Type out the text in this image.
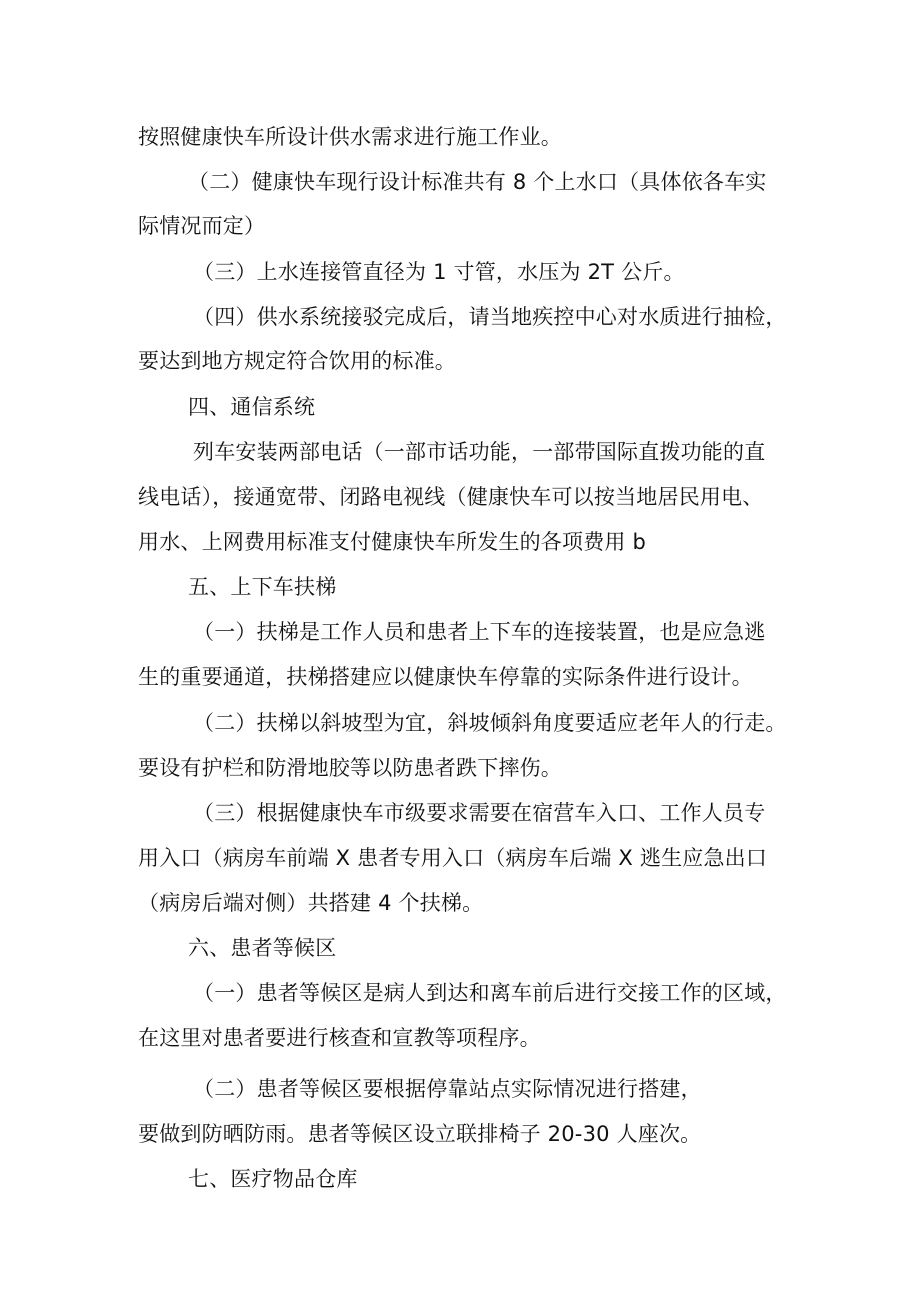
按照健康快车所设计供水需求进行施工作业。
（二）健康快车现行设计标准共有 8 个上水口（具体依各车实
际情况而定）
（三）上水连接管直径为 1 寸管，水压为 2T 公斤。
（四）供水系统接驳完成后，请当地疾控中心对水质进行抽检，
要达到地方规定符合饮用的标准。
四、通信系统
列车安装两部电话（一部市话功能，一部带国际直拨功能的直
线电话），接通宽带、闭路电视线（健康快车可以按当地居民用电、
用水、上网费用标准支付健康快车所发生的各项费用 b
五、上下车扶梯
（一）扶梯是工作人员和患者上下车的连接装置，也是应急逃
生的重要通道，扶梯搭建应以健康快车停靠的实际条件进行设计。
（二）扶梯以斜坡型为宜，斜坡倾斜角度要适应老年人的行走。
要设有护栏和防滑地胶等以防患者跌下摔伤。
（三）根据健康快车市级要求需要在宿营车入口、工作人员专
用入口（病房车前端 X 患者专用入口（病房车后端 X 逃生应急出口
（病房后端对侧）共搭建 4 个扶梯。
六、患者等候区
（一）患者等候区是病人到达和离车前后进行交接工作的区域，
在这里对患者要进行核查和宣教等项程序。
（二）患者等候区要根据停靠站点实际情况进行搭建，
要做到防晒防雨。患者等候区设立联排椅子 20-30 人座次。
七、医疗物品仓库
